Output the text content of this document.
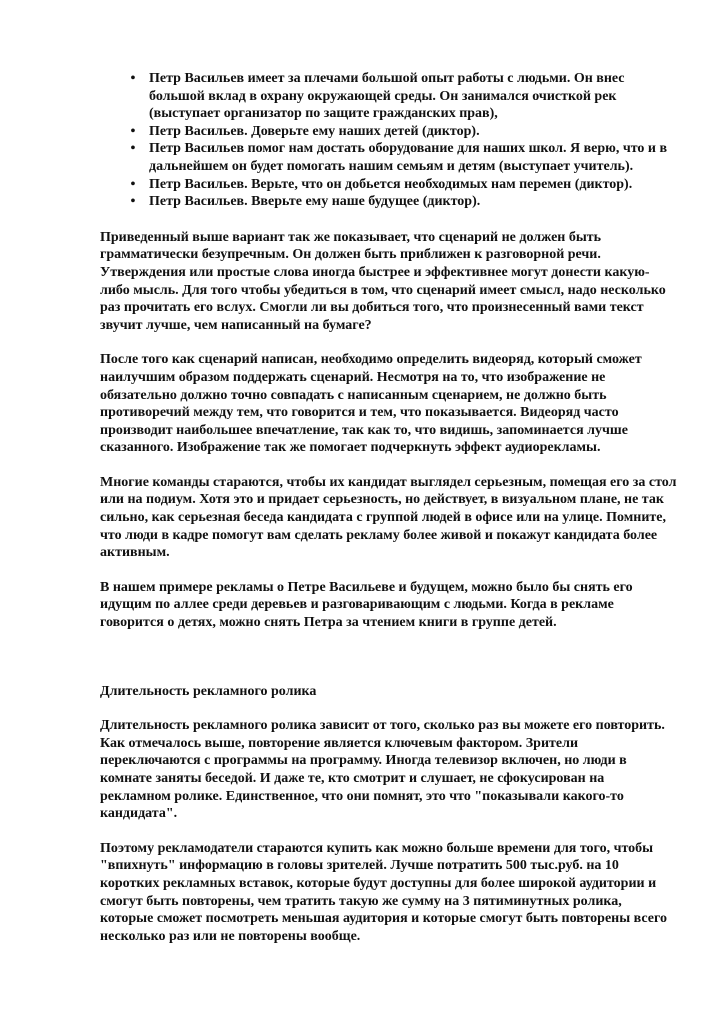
• Петр Васильев имеет за плечами большой опыт работы с людьми. Он внес большой вклад в охрану окружающей среды. Он занимался очисткой рек (выступает организатор по защите гражданских прав),
• Петр Васильев. Доверьте ему наших детей (диктор).
• Петр Васильев помог нам достать оборудование для наших школ. Я верю, что и в дальнейшем он будет помогать нашим семьям и детям (выступает учитель).
• Петр Васильев. Верьте, что он добьется необходимых нам перемен (диктор).
• Петр Васильев. Вверьте ему наше будущее (диктор).

Приведенный выше вариант так же показывает, что сценарий не должен быть грамматически безупречным. Он должен быть приближен к разговорной речи. Утверждения или простые слова иногда быстрее и эффективнее могут донести какую-либо мысль. Для того чтобы убедиться в том, что сценарий имеет смысл, надо несколько раз прочитать его вслух. Смогли ли вы добиться того, что произнесенный вами текст звучит лучше, чем написанный на бумаге?

После того как сценарий написан, необходимо определить видеоряд, который сможет наилучшим образом поддержать сценарий. Несмотря на то, что изображение не обязательно должно точно совпадать с написанным сценарием, не должно быть противоречий между тем, что говорится и тем, что показывается. Видеоряд часто производит наибольшее впечатление, так как то, что видишь, запоминается лучше сказанного. Изображение так же помогает подчеркнуть эффект аудиорекламы.

Многие команды стараются, чтобы их кандидат выглядел серьезным, помещая его за стол или на подиум. Хотя это и придает серьезность, но действует, в визуальном плане, не так сильно, как серьезная беседа кандидата с группой людей в офисе или на улице. Помните, что люди в кадре помогут вам сделать рекламу более живой и покажут кандидата более активным.

В нашем примере рекламы о Петре Васильеве и будущем, можно было бы снять его идущим по аллее среди деревьев и разговаривающим с людьми. Когда в рекламе говорится о детях, можно снять Петра за чтением книги в группе детей.

Длительность рекламного ролика

Длительность рекламного ролика зависит от того, сколько раз вы можете его повторить. Как отмечалось выше, повторение является ключевым фактором. Зрители переключаются с программы на программу. Иногда телевизор включен, но люди в комнате заняты беседой. И даже те, кто смотрит и слушает, не сфокусирован на рекламном ролике. Единственное, что они помнят, это что "показывали какого-то кандидата".

Поэтому рекламодатели стараются купить как можно больше времени для того, чтобы "впихнуть" информацию в головы зрителей. Лучше потратить 500 тыс.руб. на 10 коротких рекламных вставок, которые будут доступны для более широкой аудитории и смогут быть повторены, чем тратить такую же сумму на 3 пятиминутных ролика, которые сможет посмотреть меньшая аудитория и которые смогут быть повторены всего несколько раз или не повторены вообще.
